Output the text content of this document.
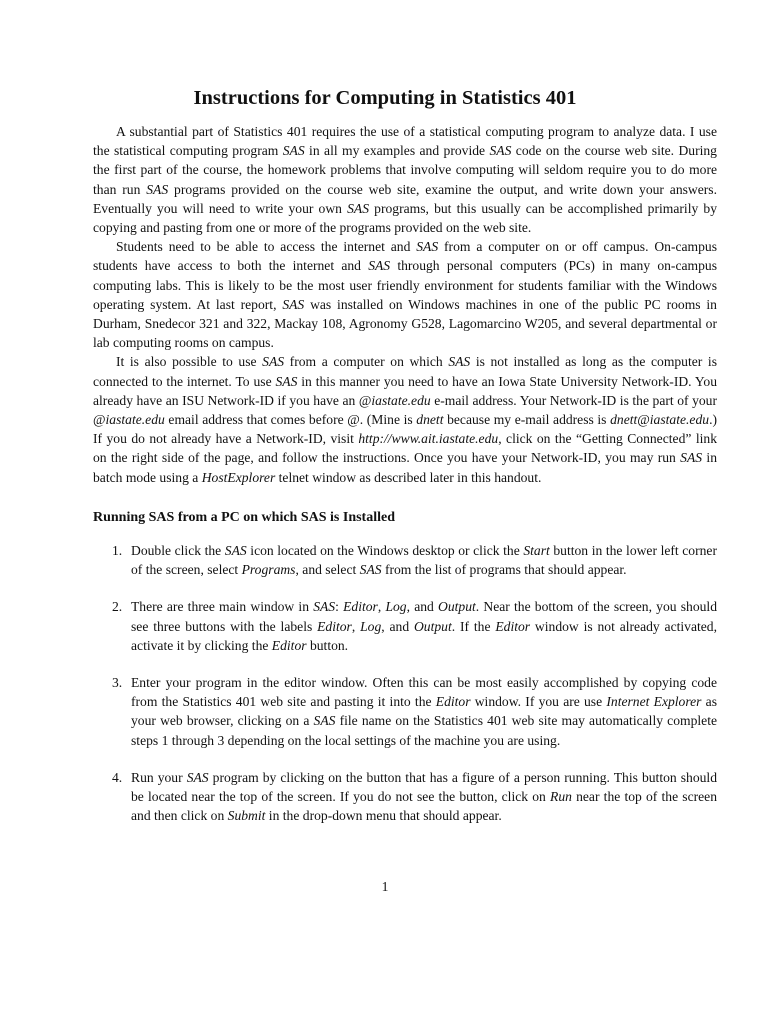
Instructions for Computing in Statistics 401

A substantial part of Statistics 401 requires the use of a statistical computing program to analyze data. I use the statistical computing program SAS in all my examples and provide SAS code on the course web site. During the first part of the course, the homework problems that involve computing will seldom require you to do more than run SAS programs provided on the course web site, examine the output, and write down your answers. Eventually you will need to write your own SAS programs, but this usually can be accomplished primarily by copying and pasting from one or more of the programs provided on the web site.

Students need to be able to access the internet and SAS from a computer on or off campus. On-campus students have access to both the internet and SAS through personal computers (PCs) in many on-campus computing labs. This is likely to be the most user friendly environment for students familiar with the Windows operating system. At last report, SAS was installed on Windows machines in one of the public PC rooms in Durham, Snedecor 321 and 322, Mackay 108, Agronomy G528, Lagomarcino W205, and several departmental or lab computing rooms on campus.

It is also possible to use SAS from a computer on which SAS is not installed as long as the computer is connected to the internet. To use SAS in this manner you need to have an Iowa State University Network-ID. You already have an ISU Network-ID if you have an @iastate.edu e-mail address. Your Network-ID is the part of your @iastate.edu email address that comes before @. (Mine is dnett because my e-mail address is dnett@iastate.edu.) If you do not already have a Network-ID, visit http://www.ait.iastate.edu, click on the “Getting Connected” link on the right side of the page, and follow the instructions. Once you have your Network-ID, you may run SAS in batch mode using a HostExplorer telnet window as described later in this handout.

Running SAS from a PC on which SAS is Installed
1. Double click the SAS icon located on the Windows desktop or click the Start button in the lower left corner of the screen, select Programs, and select SAS from the list of programs that should appear.
2. There are three main window in SAS: Editor, Log, and Output. Near the bottom of the screen, you should see three buttons with the labels Editor, Log, and Output. If the Editor window is not already activated, activate it by clicking the Editor button.
3. Enter your program in the editor window. Often this can be most easily accomplished by copying code from the Statistics 401 web site and pasting it into the Editor window. If you are use Internet Explorer as your web browser, clicking on a SAS file name on the Statistics 401 web site may automatically complete steps 1 through 3 depending on the local settings of the machine you are using.
4. Run your SAS program by clicking on the button that has a figure of a person running. This button should be located near the top of the screen. If you do not see the button, click on Run near the top of the screen and then click on Submit in the drop-down menu that should appear.
1
